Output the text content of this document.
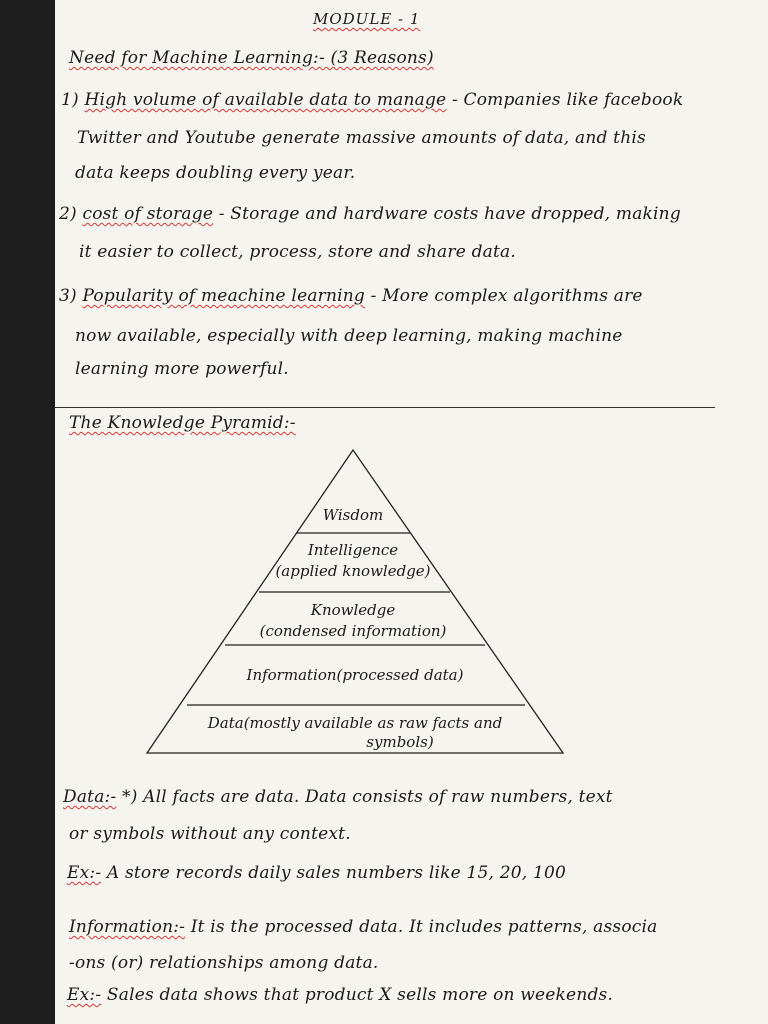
MODULE - 1
Need for Machine Learning:- (3 Reasons)
1) High volume of available data to manage - Companies like facebook
Twitter and Youtube generate massive amounts of data, and this
data keeps doubling every year.
2) cost of storage - Storage and hardware costs have dropped, making
it easier to collect, process, store and share data.
3) Popularity of meachine learning - More complex algorithms are
now available, especially with deep learning, making machine
learning more powerful.
The Knowledge Pyramid:-
Wisdom
Intelligence
(applied knowledge)
Knowledge
(condensed information)
Information(processed data)
Data(mostly available as raw facts and
symbols)
Data:- *) All facts are data. Data consists of raw numbers, text
or symbols without any context.
Ex:- A store records daily sales numbers like 15, 20, 100
Information:- It is the processed data. It includes patterns, associa
-ons (or) relationships among data.
Ex:- Sales data shows that product X sells more on weekends.
